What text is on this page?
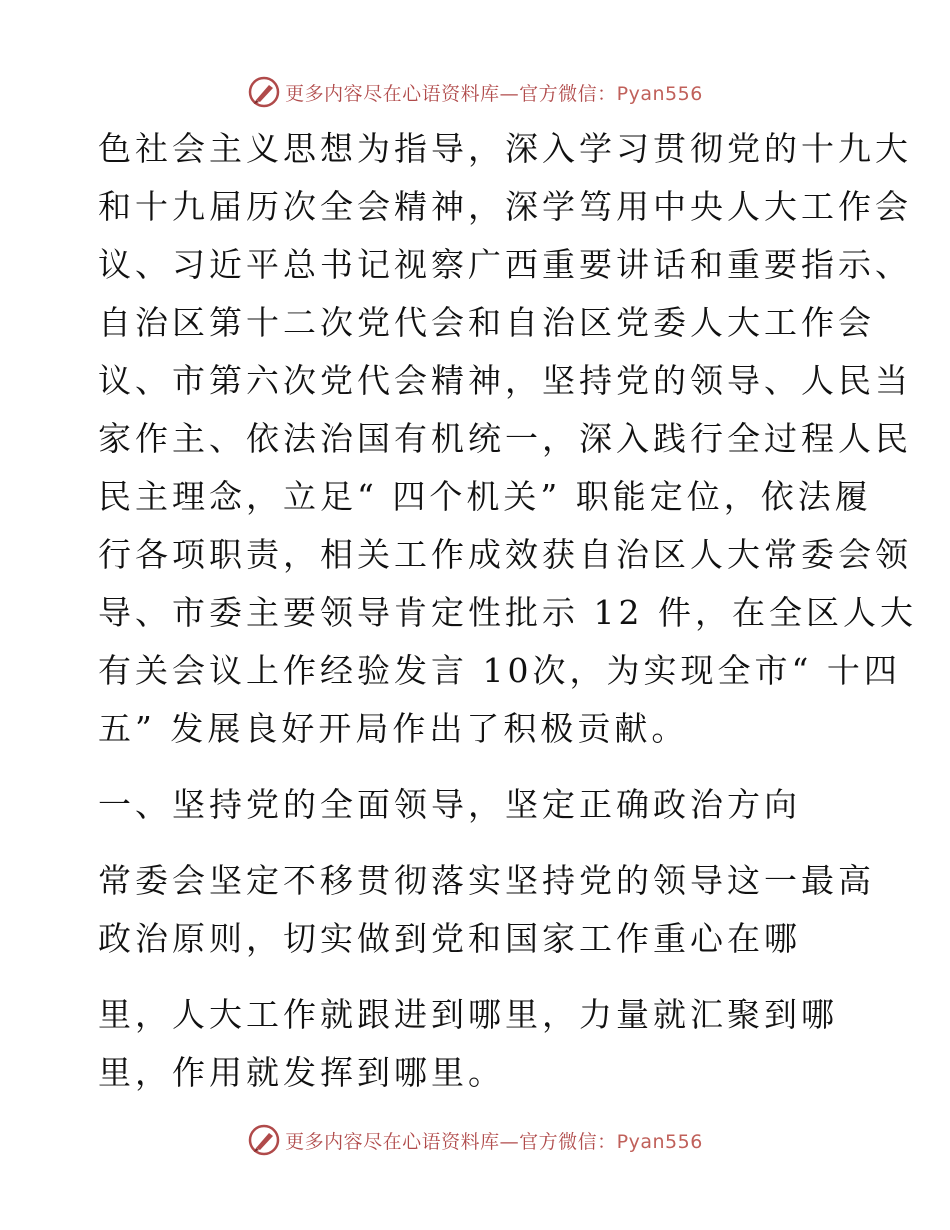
更多内容尽在心语资料库—官方微信：Pyan556
色社会主义思想为指导，深入学习贯彻党的十九大
和十九届历次全会精神，深学笃用中央人大工作会
议、习近平总书记视察广西重要讲话和重要指示、
自治区第十二次党代会和自治区党委人大工作会
议、市第六次党代会精神，坚持党的领导、人民当
家作主、依法治国有机统一，深入践行全过程人民
民主理念，立足“ 四个机关” 职能定位，依法履
行各项职责，相关工作成效获自治区人大常委会领
导、市委主要领导肯定性批示 12 件，在全区人大
有关会议上作经验发言 10次，为实现全市“ 十四
五” 发展良好开局作出了积极贡献。
一、坚持党的全面领导，坚定正确政治方向
常委会坚定不移贯彻落实坚持党的领导这一最高
政治原则，切实做到党和国家工作重心在哪
里，人大工作就跟进到哪里，力量就汇聚到哪
里，作用就发挥到哪里。
更多内容尽在心语资料库—官方微信：Pyan556
